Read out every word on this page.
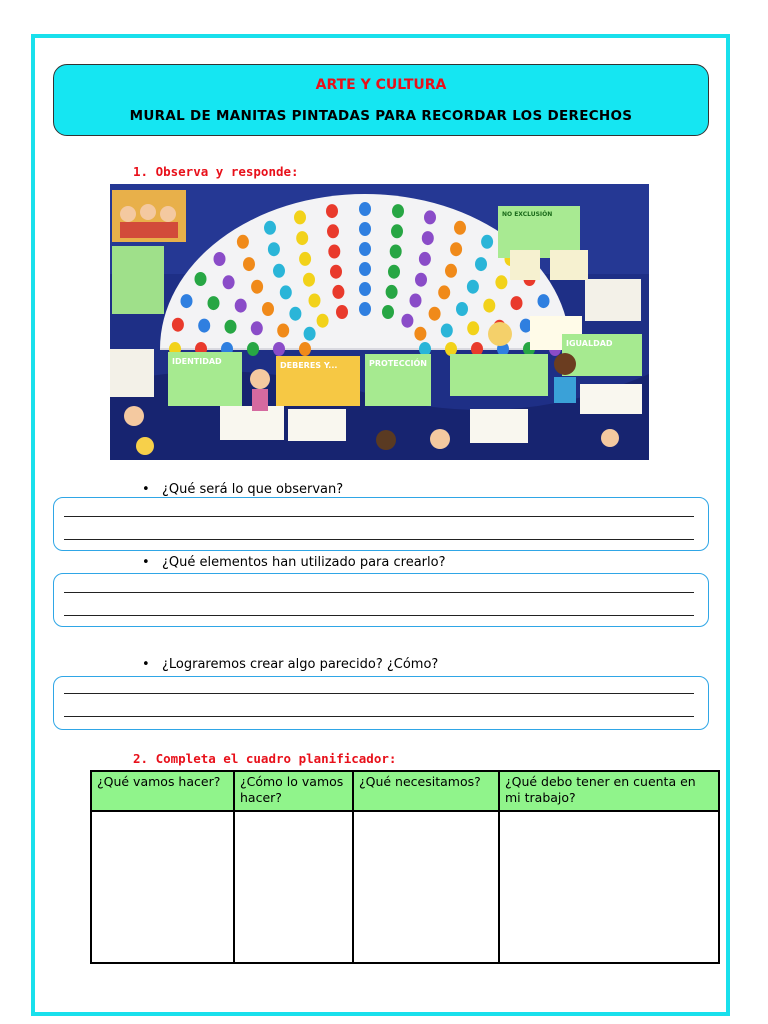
ARTE Y CULTURA
MURAL DE MANITAS PINTADAS PARA RECORDAR LOS DERECHOS
1. Observa y responde:
IDENTIDAD	DEBERES Y...	PROTECCIÓN
IGUALDAD
NO EXCLUSIÓN
• ¿Qué será lo que observan?
• ¿Qué elementos han utilizado para crearlo?
• ¿Lograremos crear algo parecido? ¿Cómo?
2. Completa el cuadro planificador:
¿Qué vamos hacer?	¿Cómo lo vamos hacer?	¿Qué necesitamos?	¿Qué debo tener en cuenta en mi trabajo?
